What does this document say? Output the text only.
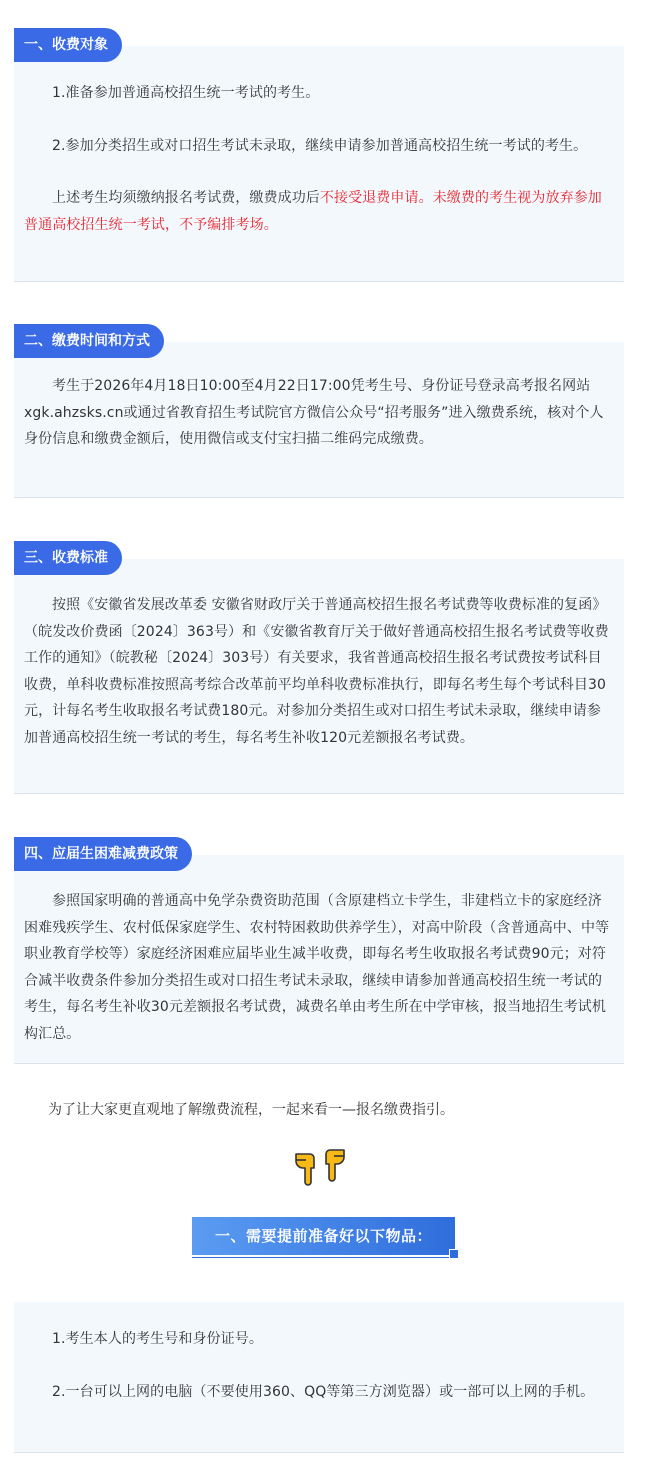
1.准备参加普通高校招生统一考试的考生。

2.参加分类招生或对口招生考试未录取，继续申请参加普通高校招生统一考试的考生。

上述考生均须缴纳报名考试费，缴费成功后不接受退费申请。未缴费的考生视为放弃参加普通高校招生统一考试，不予编排考场。

一、收费对象

考生于2026年4月18日10:00至4月22日17:00凭考生号、身份证号登录高考报名网站xgk.ahzsks.cn或通过省教育招生考试院官方微信公众号“招考服务”进入缴费系统，核对个人身份信息和缴费金额后，使用微信或支付宝扫描二维码完成缴费。

二、缴费时间和方式

按照《安徽省发展改革委 安徽省财政厅关于普通高校招生报名考试费等收费标准的复函》（皖发改价费函〔2024〕363号）和《安徽省教育厅关于做好普通高校招生报名考试费等收费工作的通知》（皖教秘〔2024〕303号）有关要求，我省普通高校招生报名考试费按考试科目收费，单科收费标准按照高考综合改革前平均单科收费标准执行，即每名考生每个考试科目30元，计每名考生收取报名考试费180元。对参加分类招生或对口招生考试未录取，继续申请参加普通高校招生统一考试的考生，每名考生补收120元差额报名考试费。

三、收费标准

参照国家明确的普通高中免学杂费资助范围（含原建档立卡学生，非建档立卡的家庭经济困难残疾学生、农村低保家庭学生、农村特困救助供养学生），对高中阶段（含普通高中、中等职业教育学校等）家庭经济困难应届毕业生减半收费，即每名考生收取报名考试费90元；对符合减半收费条件参加分类招生或对口招生考试未录取，继续申请参加普通高校招生统一考试的考生，每名考生补收30元差额报名考试费，减费名单由考生所在中学审核，报当地招生考试机构汇总。

四、应届生困难减费政策

为了让大家更直观地了解缴费流程，一起来看一—报名缴费指引。

一、需要提前准备好以下物品：

1.考生本人的考生号和身份证号。

2.一台可以上网的电脑（不要使用360、QQ等第三方浏览器）或一部可以上网的手机。
